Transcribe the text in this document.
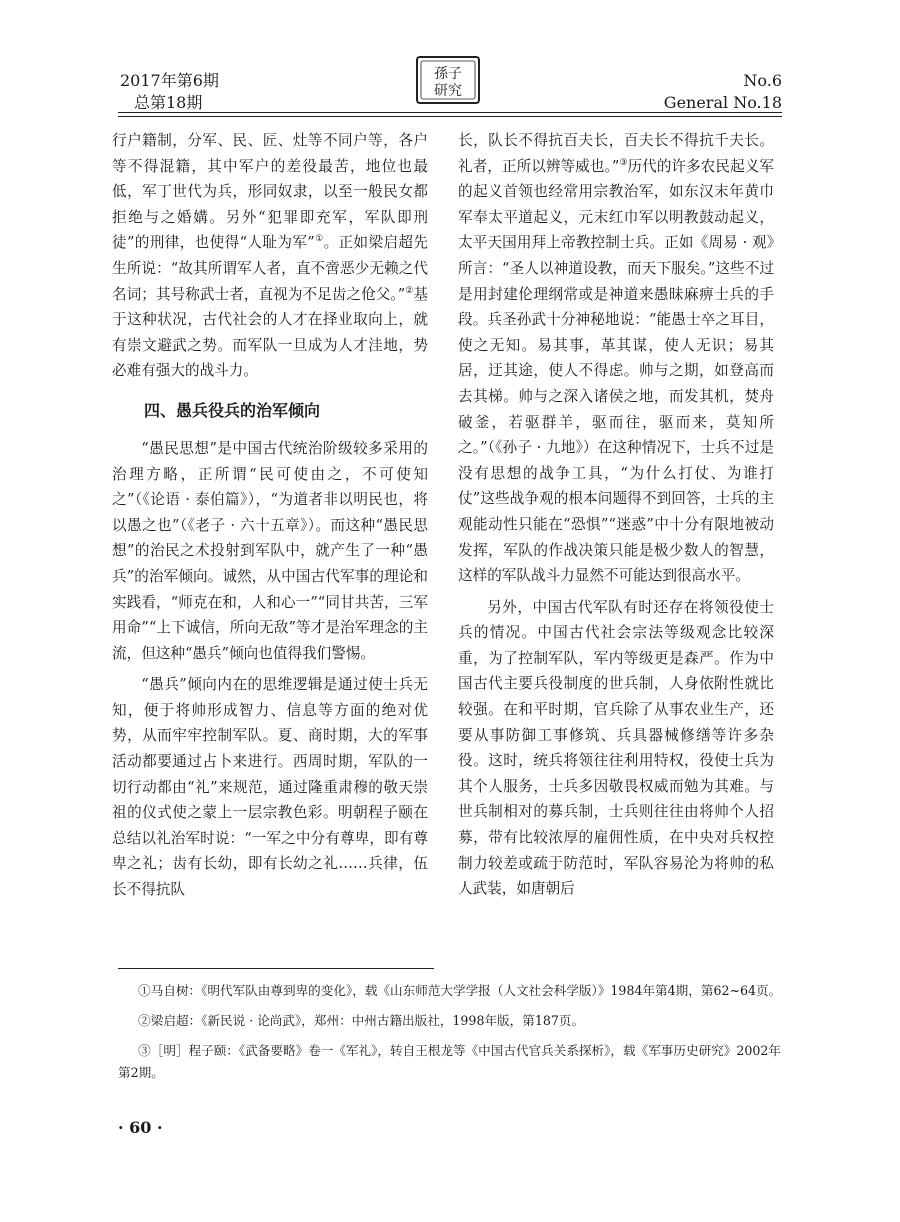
2017年第6期
总第18期
孫子
研究
No.6
General No.18

行户籍制，分军、民、匠、灶等不同户等，各户等不得混籍，其中军户的差役最苦，地位也最低，军丁世代为兵，形同奴隶，以至一般民女都拒绝与之婚媾。另外“犯罪即充军，军队即刑徒”的刑律，也使得“人耻为军”①。正如梁启超先生所说：“故其所谓军人者，直不啻恶少无赖之代名词；其号称武士者，直视为不足齿之伧父。”②基于这种状况，古代社会的人才在择业取向上，就有崇文避武之势。而军队一旦成为人才洼地，势必难有强大的战斗力。

四、愚兵役兵的治军倾向

“愚民思想”是中国古代统治阶级较多采用的治理方略，正所谓“民可使由之，不可使知之”（《论语 · 泰伯篇》），“为道者非以明民也，将以愚之也”（《老子 · 六十五章》）。而这种“愚民思想”的治民之术投射到军队中，就产生了一种“愚兵”的治军倾向。诚然，从中国古代军事的理论和实践看，“师克在和，人和心一”“同甘共苦，三军用命”“上下诚信，所向无敌”等才是治军理念的主流，但这种“愚兵”倾向也值得我们警惕。

“愚兵”倾向内在的思维逻辑是通过使士兵无知，便于将帅形成智力、信息等方面的绝对优势，从而牢牢控制军队。夏、商时期，大的军事活动都要通过占卜来进行。西周时期，军队的一切行动都由“礼”来规范，通过隆重肃穆的敬天崇祖的仪式使之蒙上一层宗教色彩。明朝程子颐在总结以礼治军时说：“一军之中分有尊卑，即有尊卑之礼；齿有长幼，即有长幼之礼……兵律，伍长不得抗队

长，队长不得抗百夫长，百夫长不得抗千夫长。礼者，正所以辨等威也。”③历代的许多农民起义军的起义首领也经常用宗教治军，如东汉末年黄巾军奉太平道起义，元末红巾军以明教鼓动起义，太平天国用拜上帝教控制士兵。正如《周易 · 观》所言：“圣人以神道设教，而天下服矣。”这些不过是用封建伦理纲常或是神道来愚昧麻痹士兵的手段。兵圣孙武十分神秘地说：“能愚士卒之耳目，使之无知。易其事，革其谋，使人无识；易其居，迂其途，使人不得虑。帅与之期，如登高而去其梯。帅与之深入诸侯之地，而发其机，焚舟破釜，若驱群羊，驱而往，驱而来，莫知所之。”（《孙子 · 九地》）在这种情况下，士兵不过是没有思想的战争工具，“为什么打仗、为谁打仗”这些战争观的根本问题得不到回答，士兵的主观能动性只能在“恐惧”“迷惑”中十分有限地被动发挥，军队的作战决策只能是极少数人的智慧，这样的军队战斗力显然不可能达到很高水平。

另外，中国古代军队有时还存在将领役使士兵的情况。中国古代社会宗法等级观念比较深重，为了控制军队，军内等级更是森严。作为中国古代主要兵役制度的世兵制，人身依附性就比较强。在和平时期，官兵除了从事农业生产，还要从事防御工事修筑、兵具器械修缮等许多杂役。这时，统兵将领往往利用特权，役使士兵为其个人服务，士兵多因敬畏权威而勉为其难。与世兵制相对的募兵制，士兵则往往由将帅个人招募，带有比较浓厚的雇佣性质，在中央对兵权控制力较差或疏于防范时，军队容易沦为将帅的私人武装，如唐朝后

①马自树：《明代军队由尊到卑的变化》，载《山东师范大学学报（人文社会科学版）》1984年第4期，第62~64页。

②梁启超：《新民说 · 论尚武》，郑州：中州古籍出版社，1998年版，第187页。

③［明］程子颐：《武备要略》卷一《军礼》，转自王根龙等《中国古代官兵关系探析》，载《军事历史研究》2002年第2期。

· 60 ·
